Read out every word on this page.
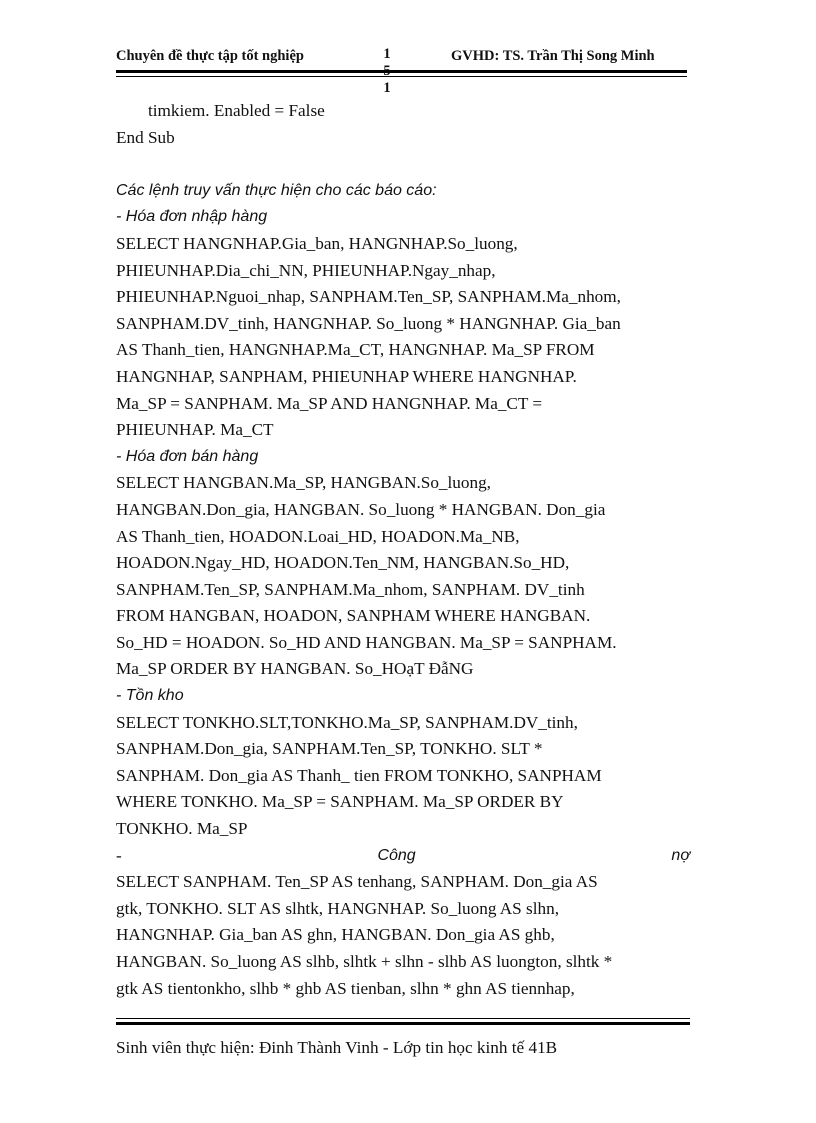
Chuyên đề thực tập tốt nghiệp	1
1
GVHD: TS. Trần Thị Song Minh
timkiem. Enabled = False
End Sub
Các lệnh truy vấn thực hiện cho các báo cáo:
- Hóa đơn nhập hàng
SELECT HANGNHAP.Gia_ban, HANGNHAP.So_luong,
PHIEUNHAP.Dia_chi_NN, PHIEUNHAP.Ngay_nhap,
PHIEUNHAP.Nguoi_nhap, SANPHAM.Ten_SP, SANPHAM.Ma_nhom,
SANPHAM.DV_tinh, HANGNHAP. So_luong * HANGNHAP. Gia_ban
AS Thanh_tien, HANGNHAP.Ma_CT, HANGNHAP. Ma_SP FROM
HANGNHAP, SANPHAM, PHIEUNHAP WHERE HANGNHAP.
Ma_SP = SANPHAM. Ma_SP AND HANGNHAP. Ma_CT =
PHIEUNHAP. Ma_CT
- Hóa đơn bán hàng
SELECT HANGBAN.Ma_SP, HANGBAN.So_luong,
HANGBAN.Don_gia, HANGBAN. So_luong * HANGBAN. Don_gia
AS Thanh_tien, HOADON.Loai_HD, HOADON.Ma_NB,
HOADON.Ngay_HD, HOADON.Ten_NM, HANGBAN.So_HD,
SANPHAM.Ten_SP, SANPHAM.Ma_nhom, SANPHAM. DV_tinh
FROM HANGBAN, HOADON, SANPHAM WHERE HANGBAN.
So_HD = HOADON. So_HD AND HANGBAN. Ma_SP = SANPHAM.
Ma_SP ORDER BY HANGBAN. So_HOạT ĐẫNG
- Tồn kho
SELECT TONKHO.SLT,TONKHO.Ma_SP, SANPHAM.DV_tinh,
SANPHAM.Don_gia, SANPHAM.Ten_SP, TONKHO. SLT *
SANPHAM. Don_gia AS Thanh_ tien FROM TONKHO, SANPHAM
WHERE TONKHO. Ma_SP = SANPHAM. Ma_SP ORDER BY
TONKHO. Ma_SP
-	Công	nợ
SELECT SANPHAM. Ten_SP AS tenhang, SANPHAM. Don_gia AS
gtk, TONKHO. SLT AS slhtk, HANGNHAP. So_luong AS slhn,
HANGNHAP. Gia_ban AS ghn, HANGBAN. Don_gia AS ghb,
HANGBAN. So_luong AS slhb, slhtk + slhn - slhb AS luongton, slhtk *
gtk AS tientonkho, slhb * ghb AS tienban, slhn * ghn AS tiennhap,
Sinh viên thực hiện: Đinh Thành Vinh - Lớp tin học kinh tế 41B
